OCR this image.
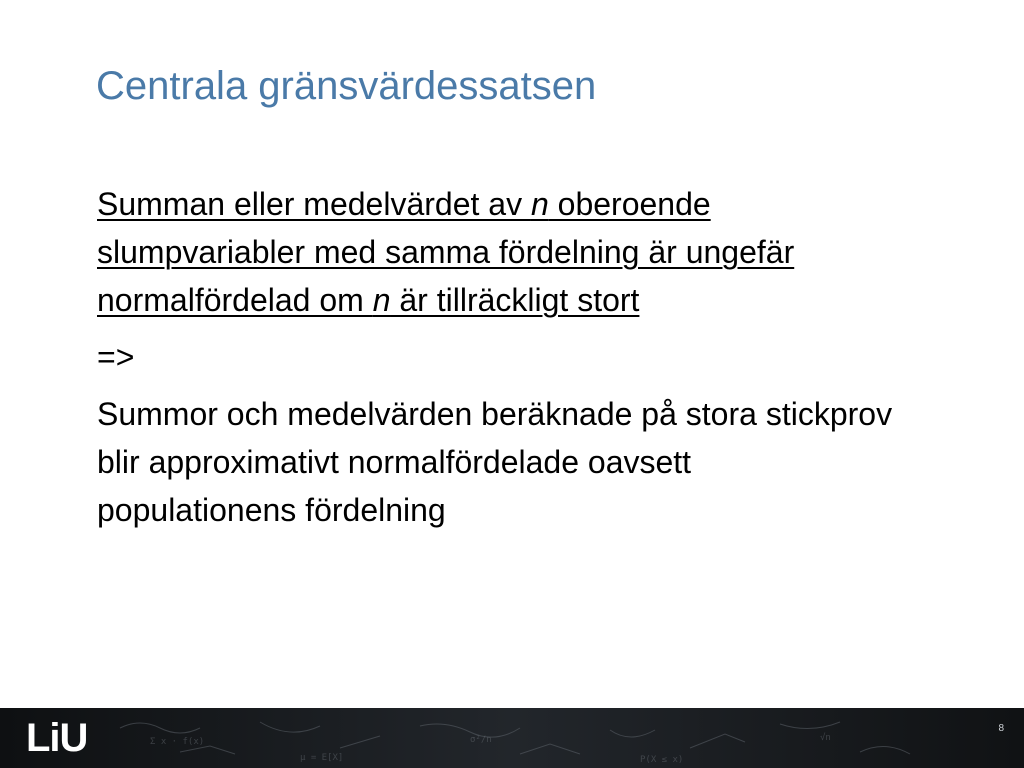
Centrala gränsvärdessatsen

Summan eller medelvärdet av n oberoende slumpvariabler med samma fördelning är ungefär normalfördelad om n är tillräckligt stort

=>

Summor och medelvärden beräknade på stora stickprov blir approximativt normalfördelade oavsett populationens fördelning

Σ x · f(x)
μ = E[X]
σ²/n
P(X ≤ x)
√n
LiU	8
